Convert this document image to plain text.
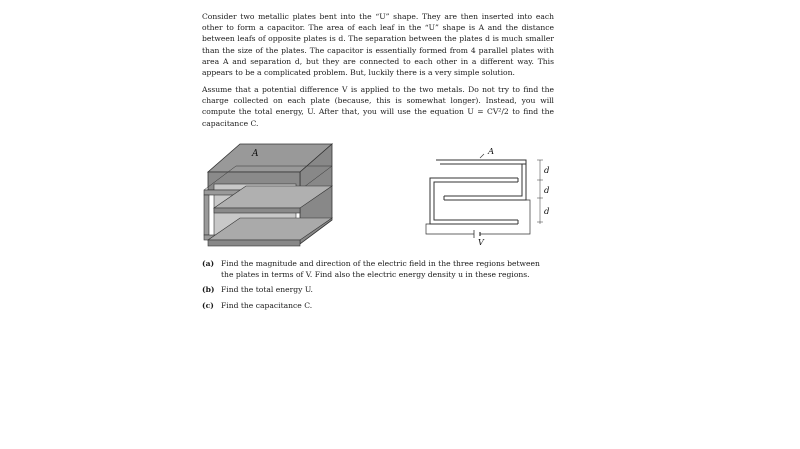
Consider two metallic plates bent into the “U” shape. They are then inserted into each other to form a capacitor. The area of each leaf in the “U” shape is A and the distance between leafs of opposite plates is d. The separation between the plates d is much smaller than the size of the plates. The capacitor is essentially formed from 4 parallel plates with area A and separation d, but they are connected to each other in a different way. This appears to be a complicated problem. But, luckily there is a very simple solution.

Assume that a potential difference V is applied to the two metals. Do not try to find the charge collected on each plate (because, this is somewhat longer). Instead, you will compute the total energy, U. After that, you will use the equation U = CV²/2 to find the capacitance C.

A
V
A
d
d
d
(a) Find the magnitude and direction of the electric field in the three regions between the plates in terms of V. Find also the electric energy density u in these regions.
(b) Find the total energy U.
(c) Find the capacitance C.
